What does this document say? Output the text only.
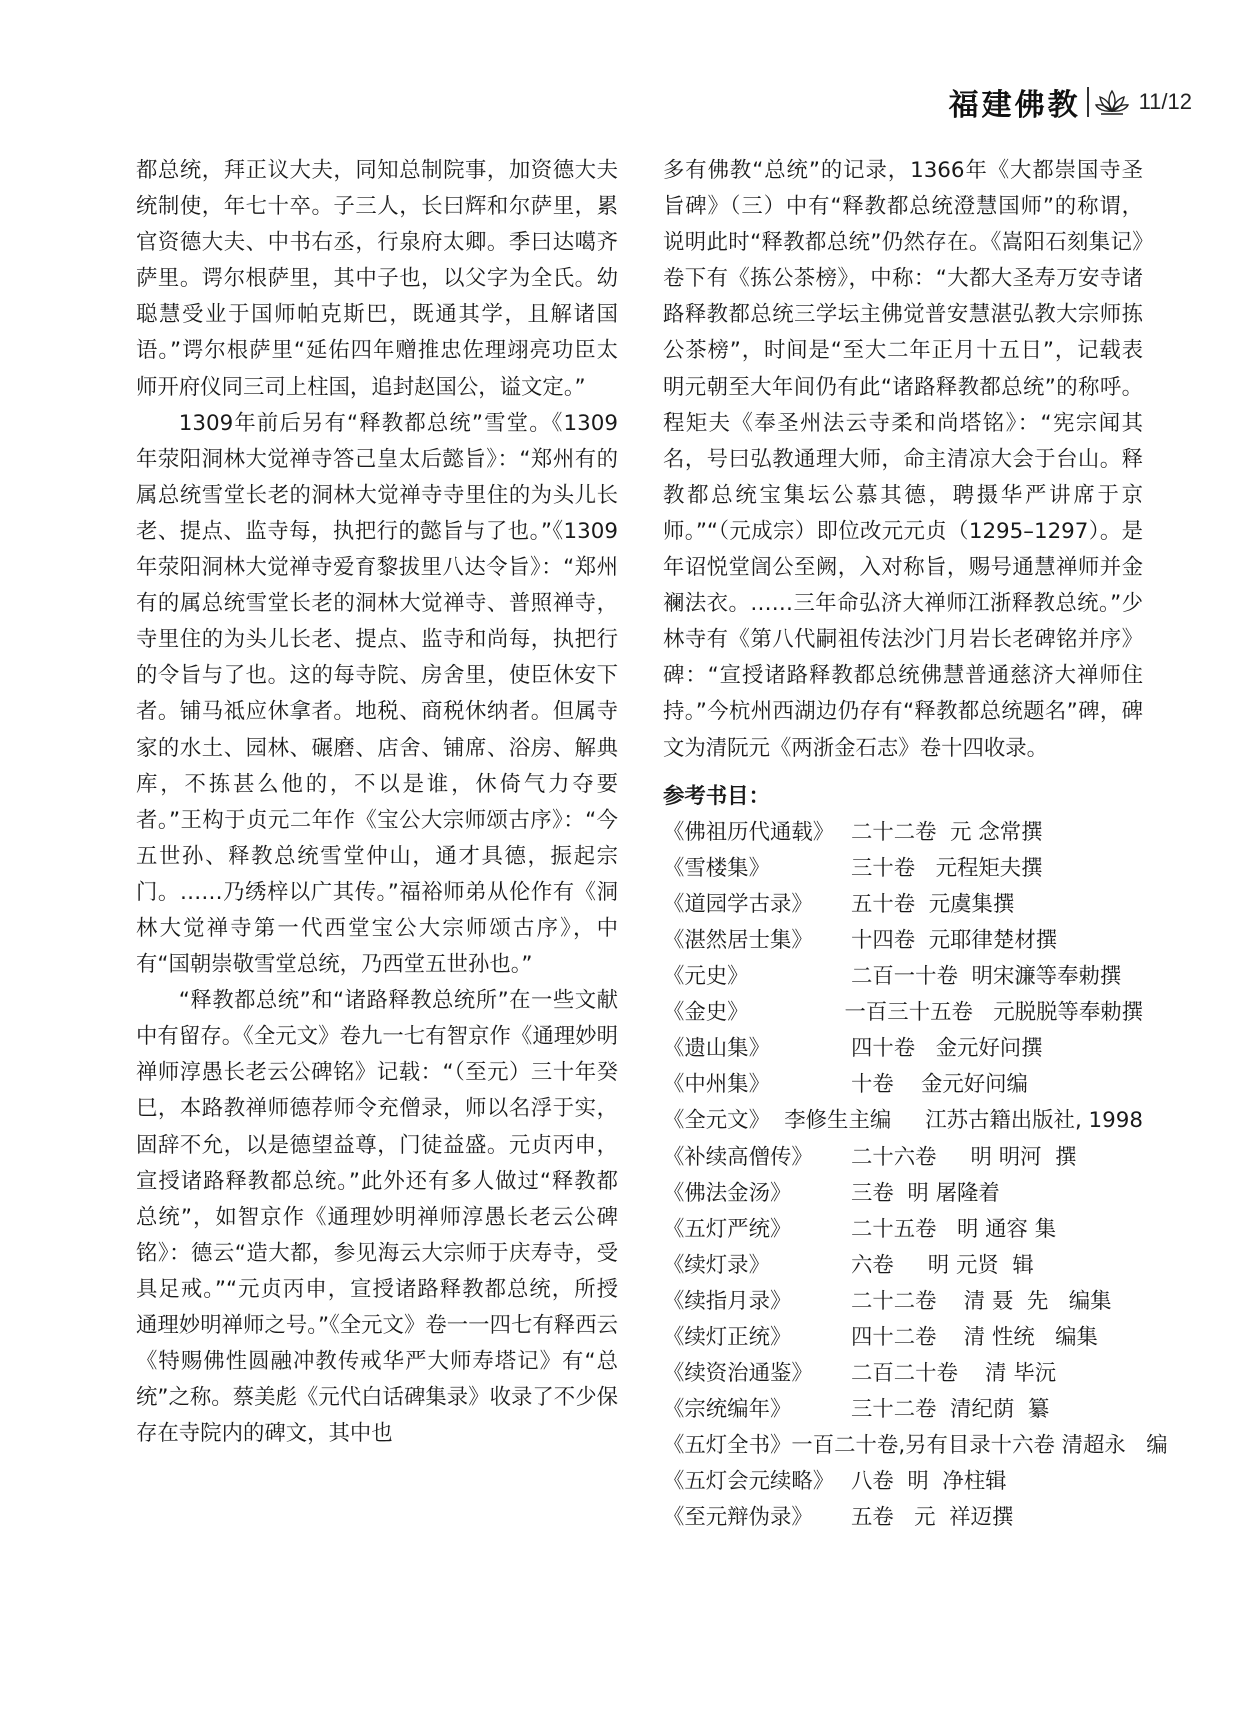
福建佛教	11/12

都总统，拜正议大夫，同知总制院事，加资德大夫统制使，年七十卒。子三人，长曰辉和尔萨里，累官资德大夫、中书右丞，行泉府太卿。季曰达噶齐萨里。谔尔根萨里，其中子也，以父字为全氏。幼聪慧受业于国师帕克斯巴，既通其学，且解诸国语。”谔尔根萨里“延佑四年赠推忠佐理翊亮功臣太师开府仪同三司上柱国，追封赵国公，谥文定。”

1309年前后另有“释教都总统”雪堂。《1309年荥阳洞林大觉禅寺答己皇太后懿旨》：“郑州有的属总统雪堂长老的洞林大觉禅寺寺里住的为头儿长老、提点、监寺每，执把行的懿旨与了也。”《1309年荥阳洞林大觉禅寺爱育黎拔里八达令旨》：“郑州有的属总统雪堂长老的洞林大觉禅寺、普照禅寺，寺里住的为头儿长老、提点、监寺和尚每，执把行的令旨与了也。这的每寺院、房舍里，使臣休安下者。铺马祗应休拿者。地税、商税休纳者。但属寺家的水土、园林、碾磨、店舍、铺席、浴房、解典库，不拣甚么他的，不以是谁，休倚气力夺要者。”王构于贞元二年作《宝公大宗师颂古序》：“今五世孙、释教总统雪堂仲山，通才具德，振起宗门。……乃绣梓以广其传。”福裕师弟从伦作有《洞林大觉禅寺第一代西堂宝公大宗师颂古序》，中有“国朝崇敬雪堂总统，乃西堂五世孙也。”

“释教都总统”和“诸路释教总统所”在一些文献中有留存。《全元文》卷九一七有智京作《通理妙明禅师淳愚长老云公碑铭》记载：“（至元）三十年癸巳，本路教禅师德荐师令充僧录，师以名浮于实，固辞不允，以是德望益尊，门徒益盛。元贞丙申，宣授诸路释教都总统。”此外还有多人做过“释教都总统”，如智京作《通理妙明禅师淳愚长老云公碑铭》：德云“造大都，参见海云大宗师于庆寿寺，受具足戒。”“元贞丙申，宣授诸路释教都总统，所授通理妙明禅师之号。”《全元文》卷一一四七有释西云《特赐佛性圆融冲教传戒华严大师寿塔记》有“总统”之称。蔡美彪《元代白话碑集录》收录了不少保存在寺院内的碑文，其中也

多有佛教“总统”的记录，1366年《大都崇国寺圣旨碑》（三）中有“释教都总统澄慧国师”的称谓，说明此时“释教都总统”仍然存在。《嵩阳石刻集记》卷下有《拣公茶榜》，中称：“大都大圣寿万安寺诸路释教都总统三学坛主佛觉普安慧湛弘教大宗师拣公茶榜”，时间是“至大二年正月十五日”，记载表明元朝至大年间仍有此“诸路释教都总统”的称呼。程矩夫《奉圣州法云寺柔和尚塔铭》：“宪宗闻其名，号曰弘教通理大师，命主清凉大会于台山。释教都总统宝集坛公慕其德，聘摄华严讲席于京师。”“（元成宗）即位改元元贞（1295–1297）。是年诏悦堂訚公至阙，入对称旨，赐号通慧禅师并金襕法衣。……三年命弘济大禅师江浙释教总统。”少林寺有《第八代嗣祖传法沙门月岩长老碑铭并序》碑：“宣授诸路释教都总统佛慧普通慈济大禅师住持。”今杭州西湖边仍存有“释教都总统题名”碑，碑文为清阮元《两浙金石志》卷十四收录。

参考书目：
《佛祖历代通载》 二十二卷  元 念常撰
《雪楼集》	三十卷   元程矩夫撰
《道园学古录》	五十卷  元虞集撰
《湛然居士集》	十四卷  元耶律楚材撰
《元史》	二百一十卷  明宋濂等奉勅撰
《金史》	一百三十五卷   元脱脱等奉勅撰
《遗山集》	四十卷   金元好问撰
《中州集》	十卷    金元好问编
《全元文》 李修生主编     江苏古籍出版社, 1998
《补续高僧传》	二十六卷     明 明河  撰
《佛法金汤》	三卷  明 屠隆着
《五灯严统》	二十五卷   明 通容 集
《续灯录》	六卷     明 元贤  辑
《续指月录》	二十二卷    清 聂  先   编集
《续灯正统》	四十二卷    清 性统   编集
《续资治通鉴》	二百二十卷    清 毕沅
《宗统编年》	三十二卷  清纪荫  纂
《五灯全书》 一百二十卷,另有目录十六卷 清超永   编
《五灯会元续略》 八卷  明  净柱辑
《至元辩伪录》	五卷   元  祥迈撰
